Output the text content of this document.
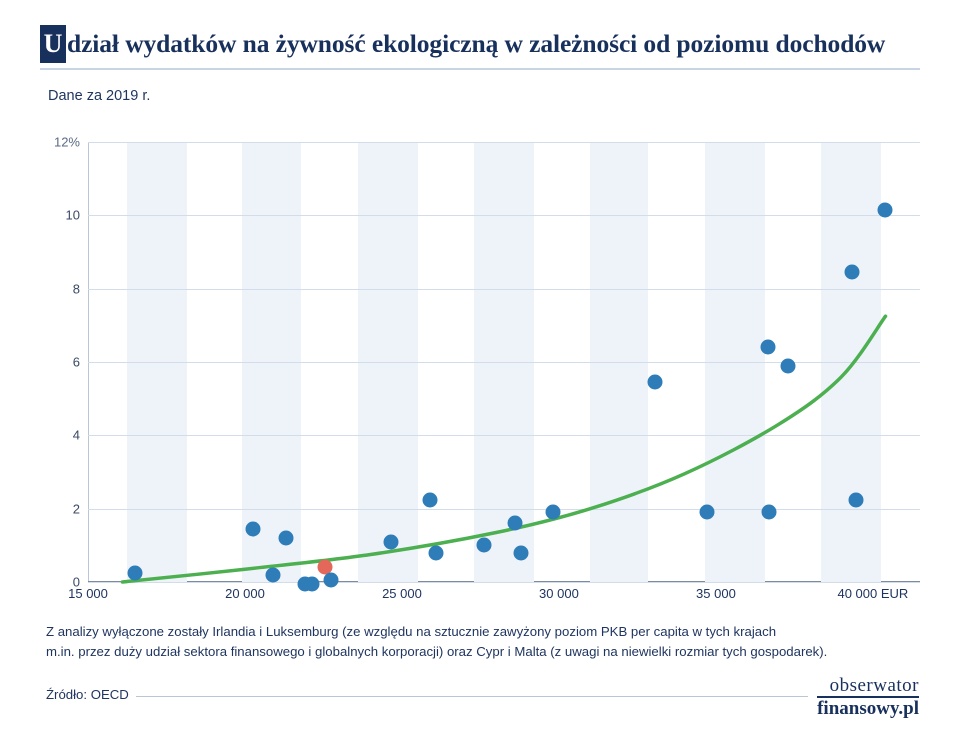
U dział wydatków na żywność ekologiczną w zależności od poziomu dochodów
Dane za 2019 r.
0
2
4
6
8
10
12%
15 000	20 000	25 000	30 000	35 000	40 000 EUR
Z analizy wyłączone zostały Irlandia i Luksemburg (ze względu na sztucznie zawyżony poziom PKB per capita w tych krajach
m.in. przez duży udział sektora finansowego i globalnych korporacji) oraz Cypr i Malta (z uwagi na niewielki rozmiar tych gospodarek).
Źródło: OECD	obserwator
finansowy.pl
